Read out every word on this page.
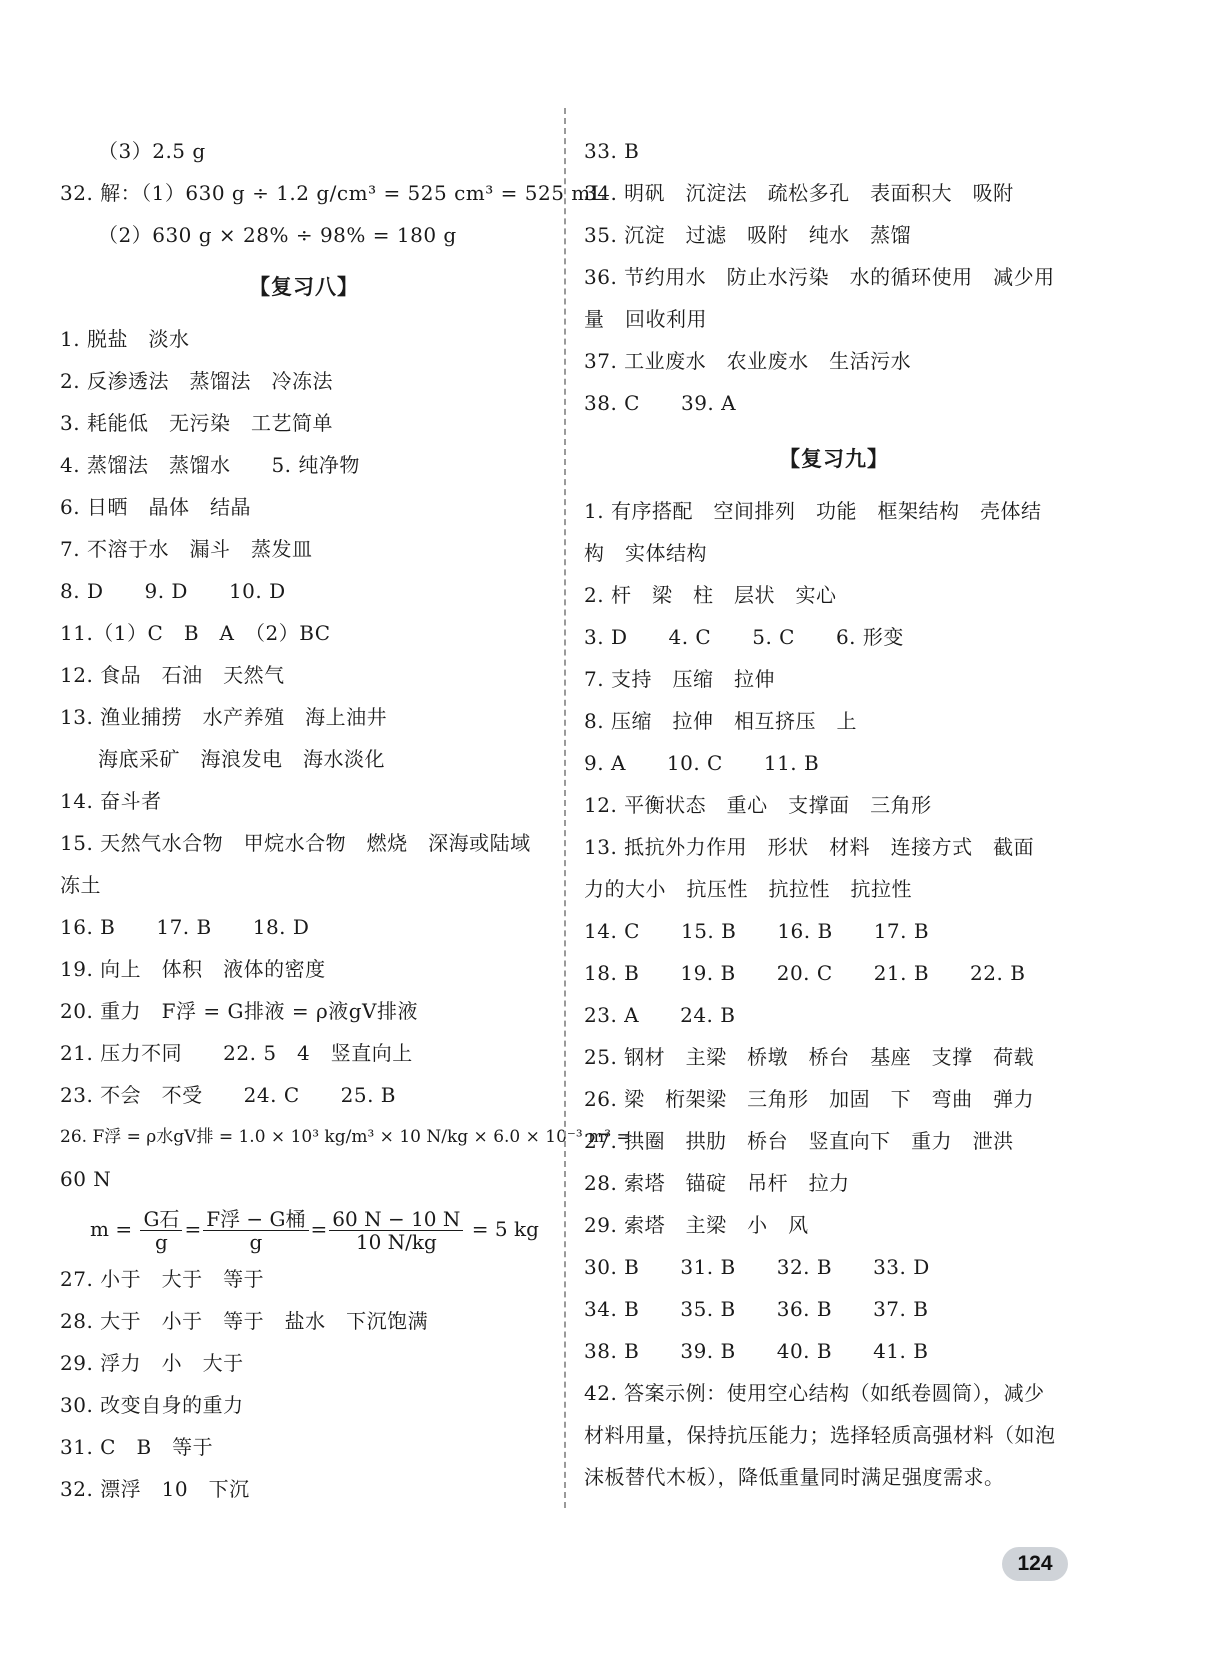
（3）2.5 g
32. 解：（1）630 g ÷ 1.2 g/cm³ = 525 cm³ = 525 mL
（2）630 g × 28% ÷ 98% = 180 g
【复习八】
1. 脱盐　淡水
2. 反渗透法　蒸馏法　冷冻法
3. 耗能低　无污染　工艺简单
4. 蒸馏法　蒸馏水　　5. 纯净物
6. 日晒　晶体　结晶
7. 不溶于水　漏斗　蒸发皿
8. D　　9. D　　10. D
11.（1）C　B　A　（2）BC
12. 食品　石油　天然气
13. 渔业捕捞　水产养殖　海上油井
海底采矿　海浪发电　海水淡化
14. 奋斗者
15. 天然气水合物　甲烷水合物　燃烧　深海或陆域
冻土
16. B　　17. B　　18. D
19. 向上　体积　液体的密度
20. 重力　F浮 = G排液 = ρ液gV排液
21. 压力不同　　22. 5　4　竖直向上
23. 不会　不受　　24. C　　25. B
26. F浮 = ρ水gV排 = 1.0 × 10³ kg/m³ × 10 N/kg × 6.0 × 10⁻³ m³ =
60 N
$m = \frac{\text{G石}}{g} = \frac{\text{F浮 − G桶}}{g} = \frac{60 N - 10 N}{10 N/kg} = 5$ kg
27. 小于　大于　等于
28. 大于　小于　等于　盐水　下沉饱满
29. 浮力　小　大于
30. 改变自身的重力
31. C　B　等于
32. 漂浮　10　下沉
33. B
34. 明矾　沉淀法　疏松多孔　表面积大　吸附
35. 沉淀　过滤　吸附　纯水　蒸馏
36. 节约用水　防止水污染　水的循环使用　减少用
量　回收利用
37. 工业废水　农业废水　生活污水
38. C　　39. A
【复习九】
1. 有序搭配　空间排列　功能　框架结构　壳体结
构　实体结构
2. 杆　梁　柱　层状　实心
3. D　　4. C　　5. C　　6. 形变
7. 支持　压缩　拉伸
8. 压缩　拉伸　相互挤压　上
9. A　　10. C　　11. B
12. 平衡状态　重心　支撑面　三角形
13. 抵抗外力作用　形状　材料　连接方式　截面
力的大小　抗压性　抗拉性　抗拉性
14. C　　15. B　　16. B　　17. B
18. B　　19. B　　20. C　　21. B　　22. B
23. A　　24. B
25. 钢材　主梁　桥墩　桥台　基座　支撑　荷载
26. 梁　桁架梁　三角形　加固　下　弯曲　弹力
27. 拱圈　拱肋　桥台　竖直向下　重力　泄洪
28. 索塔　锚碇　吊杆　拉力
29. 索塔　主梁　小　风
30. B　　31. B　　32. B　　33. D
34. B　　35. B　　36. B　　37. B
38. B　　39. B　　40. B　　41. B
42. 答案示例：使用空心结构（如纸卷圆筒），减少
材料用量，保持抗压能力；选择轻质高强材料（如泡
沫板替代木板），降低重量同时满足强度需求。
124
